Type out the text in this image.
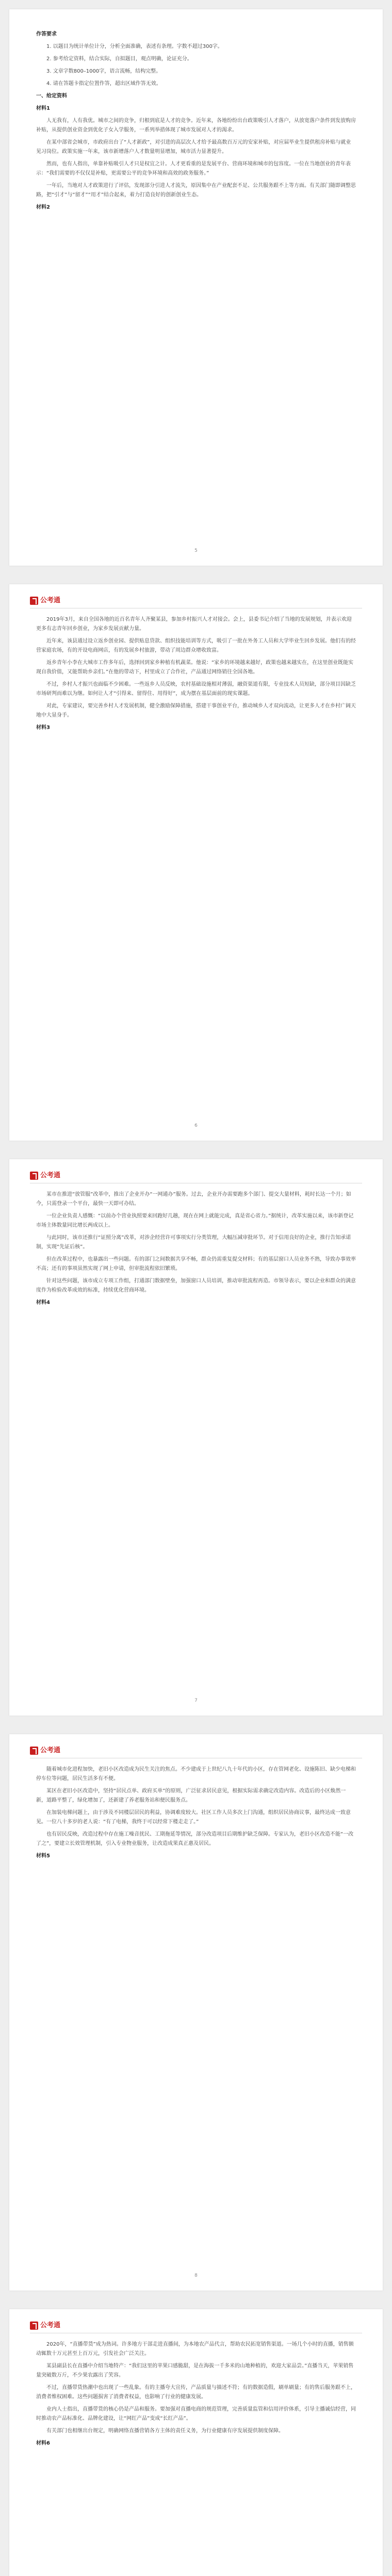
作答要求

1. 以题目为统计单位计分，分析全面准确，表述有条理。字数不超过300字。

2. 参考给定资料，结合实际，自拟题目，观点明确，论证充分。

3. 文章字数800–1000字，语言流畅，结构完整。

4. 请在答题卡指定位置作答，超出区域作答无效。

一、给定资料

材料1

人无我有，人有我优。城市之间的竞争，归根到底是人才的竞争。近年来，各地纷纷出台政策吸引人才落户，从放宽落户条件到发放购房补贴，从提供创业资金到优化子女入学服务，一系列举措体现了城市发展对人才的渴求。

在某中部省会城市，市政府出台了“人才新政”，对引进的高层次人才给予最高数百万元的安家补贴，对应届毕业生提供租房补贴与就业见习岗位。政策实施一年来，该市新增落户人才数量明显增加，城市活力显著提升。

然而，也有人指出，单靠补贴吸引人才只是权宜之计。人才更看重的是发展平台、营商环境和城市的包容度。一位在当地创业的青年表示：“我们需要的不仅仅是补贴，更需要公平的竞争环境和高效的政务服务。”

一年后，当地对人才政策进行了评估，发现部分引进人才流失，原因集中在产业配套不足、公共服务跟不上等方面。有关部门随即调整思路，把“引才”与“留才”“用才”结合起来，着力打造良好的创新创业生态。

材料2

5
公考通

2019年3月，来自全国各地的近百名青年人齐聚某县，参加乡村振兴人才对接会。会上，县委书记介绍了当地的发展规划，并表示欢迎更多有志青年回乡创业，为家乡发展贡献力量。

近年来，该县通过设立返乡创业园、提供贴息贷款、组织技能培训等方式，吸引了一批在外务工人员和大学毕业生回乡发展。他们有的经营家庭农场，有的开设电商网店，有的发展乡村旅游，带动了周边群众增收致富。

返乡青年小李在大城市工作多年后，选择回到家乡种植有机蔬菜。他说：“家乡的环境越来越好，政策也越来越实在，在这里创业既能实现自我价值，又能帮助乡亲们。”在他的带动下，村里成立了合作社，产品通过网络销往全国各地。

不过，乡村人才振兴也面临不少困难。一些返乡人员反映，农村基础设施相对薄弱，融资渠道有限，专业技术人员短缺，部分项目因缺乏市场研判而难以为继。如何让人才“引得来、留得住、用得好”，成为摆在基层面前的现实课题。

对此，专家建议，要完善乡村人才发展机制，健全激励保障措施，搭建干事创业平台，推动城乡人才双向流动，让更多人才在乡村广阔天地中大显身手。

材料3

6
公考通

某市在推进“放管服”改革中，推出了企业开办“一网通办”服务。过去，企业开办需要跑多个部门、提交大量材料，耗时长达一个月；如今，只需登录一个平台，最快一天即可办结。

一位企业负责人感慨：“以前办个营业执照要来回跑好几趟，现在在网上就能完成，真是省心省力。”据统计，改革实施以来，该市新登记市场主体数量同比增长两成以上。

与此同时，该市还推行“证照分离”改革，对涉企经营许可事项实行分类管理，大幅压减审批环节。对于信用良好的企业，推行告知承诺制，实现“先证后核”。

但在改革过程中，也暴露出一些问题。有的部门之间数据共享不畅，群众仍需重复提交材料；有的基层窗口人员业务不熟，导致办事效率不高；还有的事项虽然实现了网上申请，但审批流程依旧繁琐。

针对这些问题，该市成立专项工作组，打通部门数据壁垒，加强窗口人员培训，推动审批流程再造。市领导表示，要以企业和群众的满意度作为检验改革成效的标准，持续优化营商环境。

材料4

7
公考通

随着城市化进程加快，老旧小区改造成为民生关注的焦点。不少建成于上世纪八九十年代的小区，存在管网老化、设施陈旧、缺少电梯和停车位等问题，居民生活多有不便。

某区在老旧小区改造中，坚持“居民点单、政府买单”的原则，广泛征求居民意见，根据实际需求确定改造内容。改造后的小区焕然一新，道路平整了，绿化增加了，还新建了养老服务站和便民服务点。

在加装电梯问题上，由于涉及不同楼层居民的利益，协调难度较大。社区工作人员多次上门沟通，组织居民协商议事，最终达成一致意见。一位八十多岁的老人说：“有了电梯，我终于可以经常下楼走走了。”

也有居民反映，改造过程中存在施工噪音扰民、工期拖延等情况，部分改造项目后期维护缺乏保障。专家认为，老旧小区改造不能“一改了之”，要建立长效管理机制，引入专业物业服务，让改造成果真正惠及居民。

材料5

8
公考通

2020年，“直播带货”成为热词。许多地方干部走进直播间，为本地农产品代言，帮助农民拓宽销售渠道。一场几个小时的直播，销售额动辄数十万元甚至上百万元，引发社会广泛关注。

某县副县长在直播中介绍当地特产：“我们这里的苹果口感脆甜，是在海拔一千多米的山地种植的，欢迎大家品尝。”直播当天，苹果销售量突破数万斤，不少果农露出了笑容。

不过，直播带货热潮中也出现了一些乱象。有的主播夸大宣传，产品质量与描述不符；有的数据造假，刷单刷量；有的售后服务跟不上，消费者维权困难。这些问题损害了消费者权益，也影响了行业的健康发展。

业内人士指出，直播带货的核心仍是产品和服务。要加强对直播电商的规范管理，完善质量监管和信用评价体系，引导主播诚信经营，同时推动农产品标准化、品牌化建设，让“网红产品”变成“长红产品”。

有关部门也相继出台规定，明确网络直播营销各方主体的责任义务，为行业健康有序发展提供制度保障。

材料6
